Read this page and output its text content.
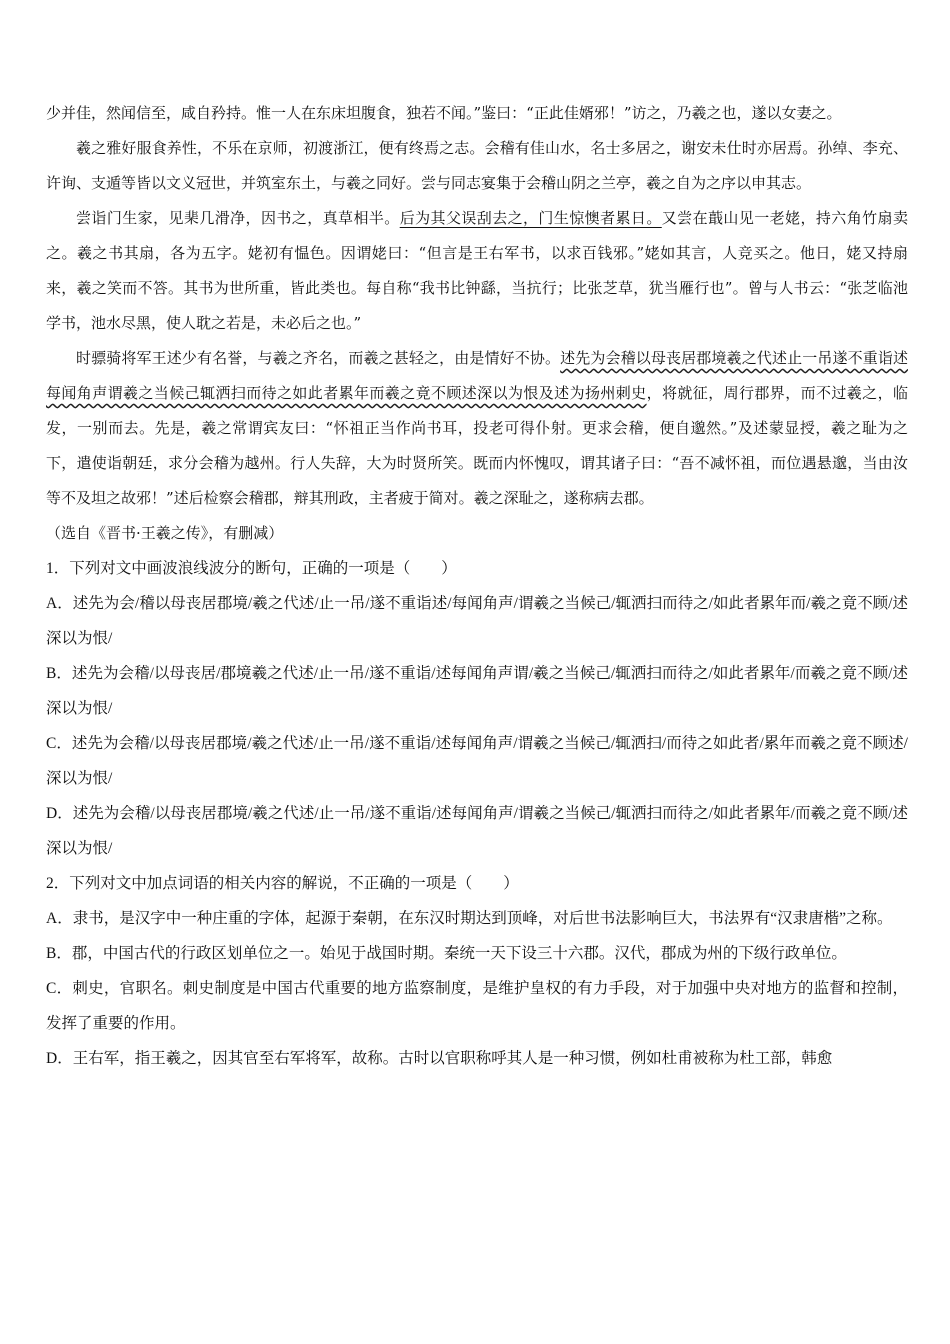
少并佳，然闻信至，咸自矜持。惟一人在东床坦腹食，独若不闻。”鉴曰：“正此佳婿邪！”访之，乃羲之也，遂以女妻之。

羲之雅好服食养性，不乐在京师，初渡浙江，便有终焉之志。会稽有佳山水，名士多居之，谢安未仕时亦居焉。孙绰、李充、许询、支遁等皆以文义冠世，并筑室东土，与羲之同好。尝与同志宴集于会稽山阴之兰亭，羲之自为之序以申其志。

尝诣门生家，见棐几滑净，因书之，真草相半。后为其父误刮去之，门生惊懊者累日。又尝在蕺山见一老姥，持六角竹扇卖之。羲之书其扇，各为五字。姥初有愠色。因谓姥曰：“但言是王右军书，以求百钱邪。”姥如其言，人竞买之。他日，姥又持扇来，羲之笑而不答。其书为世所重，皆此类也。每自称“我书比钟繇，当抗行；比张芝草，犹当雁行也”。曾与人书云：“张芝临池学书，池水尽黑，使人耽之若是，未必后之也。”

时骠骑将军王述少有名誉，与羲之齐名，而羲之甚轻之，由是情好不协。述先为会稽以母丧居郡境羲之代述止一吊遂不重诣述每闻角声谓羲之当候己辄洒扫而待之如此者累年而羲之竟不顾述深以为恨及述为扬州刺史，将就征，周行郡界，而不过羲之，临发，一别而去。先是，羲之常谓宾友曰：“怀祖正当作尚书耳，投老可得仆射。更求会稽，便自邈然。”及述蒙显授，羲之耻为之下，遣使诣朝廷，求分会稽为越州。行人失辞，大为时贤所笑。既而内怀愧叹，谓其诸子曰：“吾不减怀祖，而位遇悬邈，当由汝等不及坦之故邪！”述后检察会稽郡，辩其刑政，主者疲于简对。羲之深耻之，遂称病去郡。

（选自《晋书·王羲之传》，有删减）

1．下列对文中画波浪线波分的断句，正确的一项是（　　）

A．述先为会/稽以母丧居郡境/羲之代述/止一吊/遂不重诣述/每闻角声/谓羲之当候己/辄洒扫而待之/如此者累年而/羲之竟不顾/述深以为恨/

B．述先为会稽/以母丧居/郡境羲之代述/止一吊/遂不重诣/述每闻角声谓/羲之当候己/辄洒扫而待之/如此者累年/而羲之竟不顾/述深以为恨/

C．述先为会稽/以母丧居郡境/羲之代述/止一吊/遂不重诣/述每闻角声/谓羲之当候己/辄洒扫/而待之如此者/累年而羲之竟不顾述/深以为恨/

D．述先为会稽/以母丧居郡境/羲之代述/止一吊/遂不重诣/述每闻角声/谓羲之当候己/辄洒扫而待之/如此者累年/而羲之竟不顾/述深以为恨/

2．下列对文中加点词语的相关内容的解说，不正确的一项是（　　）

A．隶书，是汉字中一种庄重的字体，起源于秦朝，在东汉时期达到顶峰，对后世书法影响巨大，书法界有“汉隶唐楷”之称。

B．郡，中国古代的行政区划单位之一。始见于战国时期。秦统一天下设三十六郡。汉代，郡成为州的下级行政单位。

C．刺史，官职名。刺史制度是中国古代重要的地方监察制度，是维护皇权的有力手段，对于加强中央对地方的监督和控制，发挥了重要的作用。

D．王右军，指王羲之，因其官至右军将军，故称。古时以官职称呼其人是一种习惯，例如杜甫被称为杜工部，韩愈
